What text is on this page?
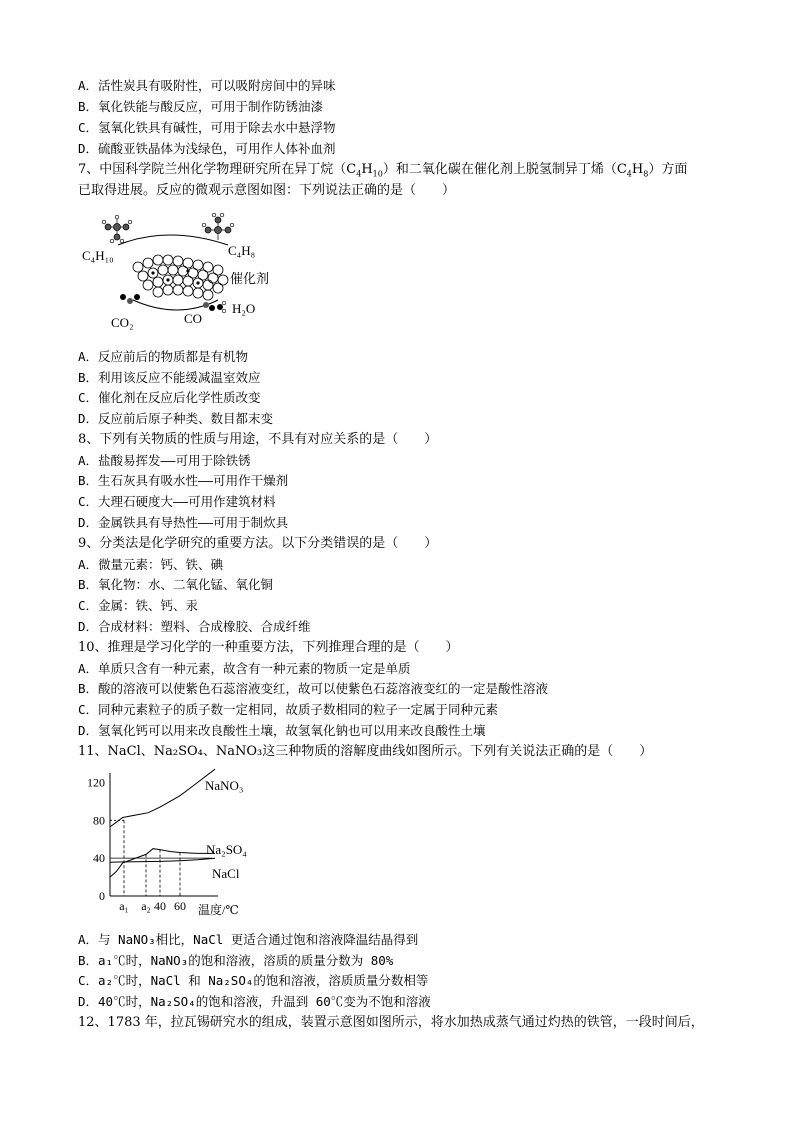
A．活性炭具有吸附性，可以吸附房间中的异味
B．氧化铁能与酸反应，可用于制作防锈油漆
C．氢氧化铁具有碱性，可用于除去水中悬浮物
D．硫酸亚铁晶体为浅绿色，可用作人体补血剂
7、中国科学院兰州化学物理研究所在异丁烷$(C_4H_{10})$和二氧化碳在催化剂上脱氢制异丁烯$(C_4H_8)$方面
已取得进展。反应的微观示意图如图：下列说法正确的是（　　）
C₄H₁₀	C₄H₈
催化剂
CO₂	CO
H₂O
A．反应前后的物质都是有机物
B．利用该反应不能缓减温室效应
C．催化剂在反应后化学性质改变
D．反应前后原子种类、数目都末变
8、下列有关物质的性质与用途，不具有对应关系的是（　　）
A．盐酸易挥发——可用于除铁锈
B．生石灰具有吸水性——可用作干燥剂
C．大理石硬度大——可用作建筑材料
D．金属铁具有导热性——可用于制炊具
9、分类法是化学研究的重要方法。以下分类错误的是（　　）
A．微量元素：钙、铁、碘
B．氧化物：水、二氧化锰、氧化铜
C．金属：铁、钙、汞
D．合成材料：塑料、合成橡胶、合成纤维
10、推理是学习化学的一种重要方法，下列推理合理的是（　　）
A．单质只含有一种元素，故含有一种元素的物质一定是单质
B．酸的溶液可以使紫色石蕊溶液变红，故可以使紫色石蕊溶液变红的一定是酸性溶液
C．同种元素粒子的质子数一定相同，故质子数相同的粒子一定属于同种元素
D．氢氧化钙可以用来改良酸性土壤，故氢氧化钠也可以用来改良酸性土壤
11、NaCl、Na₂SO₄、NaNO₃这三种物质的溶解度曲线如图所示。下列有关说法正确的是（　　）
0
40
80
120
a₁ a₂ 40 60
NaNO₃
Na₂SO₄
NaCl
温度/℃
A．与 NaNO₃相比，NaCl 更适合通过饱和溶液降温结晶得到
B．a₁℃时，NaNO₃的饱和溶液，溶质的质量分数为 80%
C．a₂℃时，NaCl 和 Na₂SO₄的饱和溶液，溶质质量分数相等
D．40℃时，Na₂SO₄的饱和溶液，升温到 60℃变为不饱和溶液
12、1783 年，拉瓦锡研究水的组成，装置示意图如图所示，将水加热成蒸气通过灼热的铁管，一段时间后，
